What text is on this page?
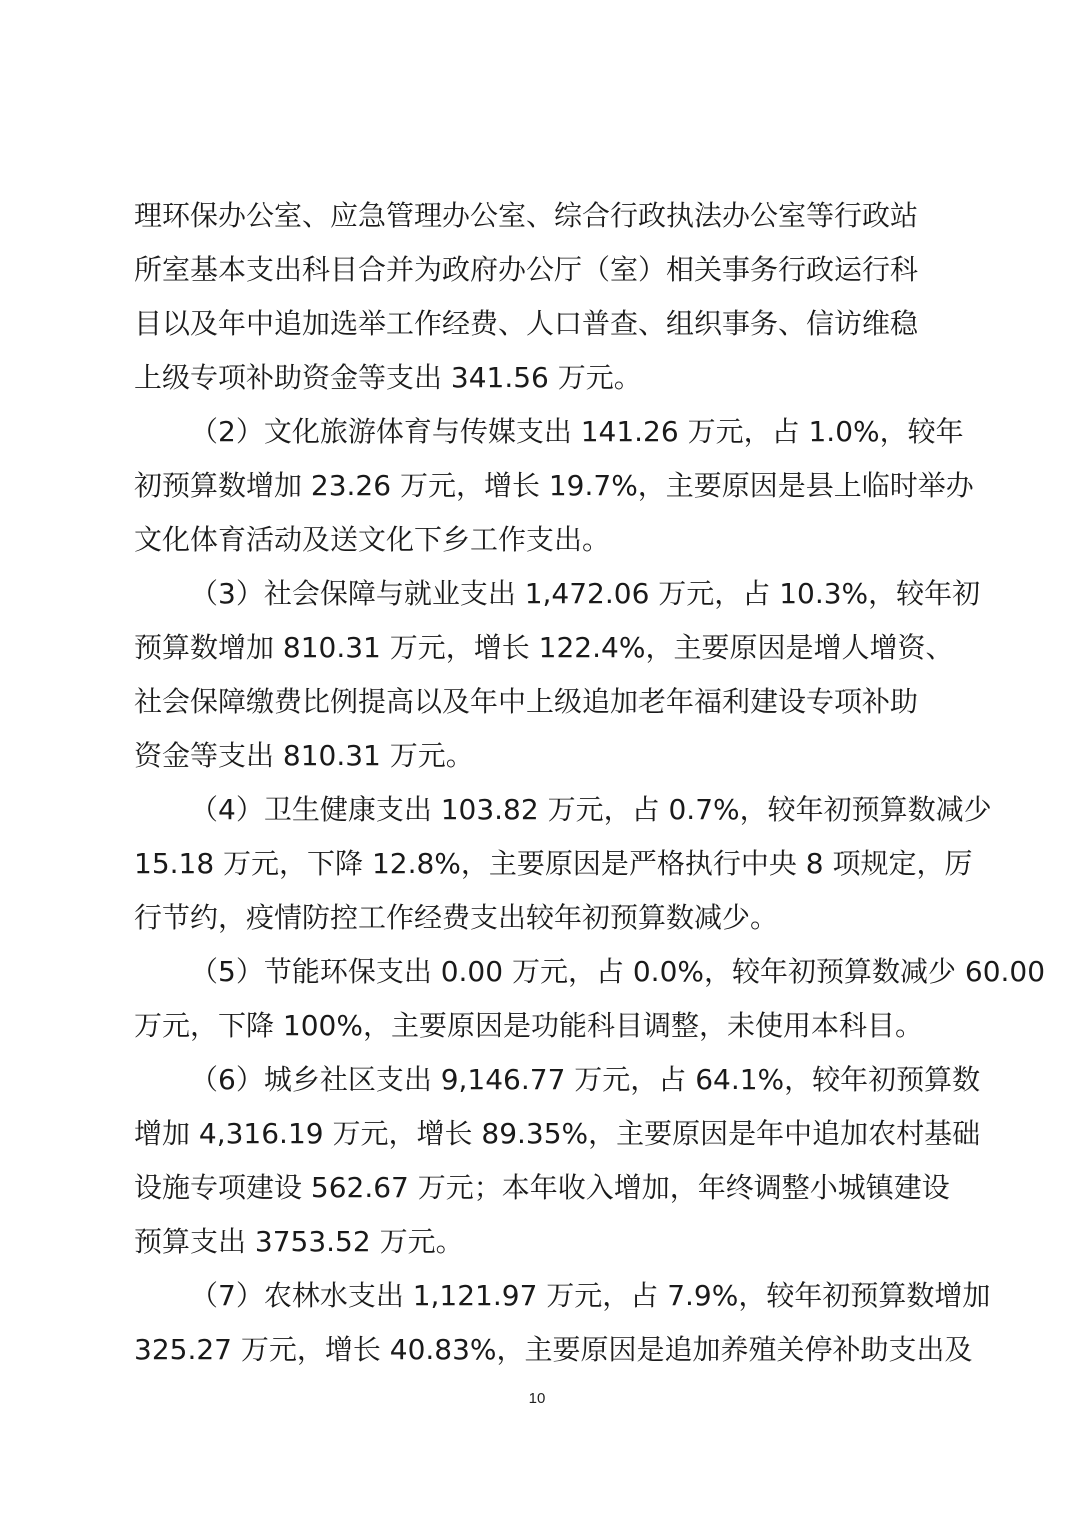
理环保办公室、应急管理办公室、综合行政执法办公室等行政站
所室基本支出科目合并为政府办公厅（室）相关事务行政运行科
目以及年中追加选举工作经费、人口普查、组织事务、信访维稳
上级专项补助资金等支出 341.56 万元。
（2）文化旅游体育与传媒支出 141.26 万元，占 1.0%，较年
初预算数增加 23.26 万元，增长 19.7%，主要原因是县上临时举办
文化体育活动及送文化下乡工作支出。
（3）社会保障与就业支出 1,472.06 万元，占 10.3%，较年初
预算数增加 810.31 万元，增长 122.4%，主要原因是增人增资、
社会保障缴费比例提高以及年中上级追加老年福利建设专项补助
资金等支出 810.31 万元。
（4）卫生健康支出 103.82 万元，占 0.7%，较年初预算数减少
15.18 万元，下降 12.8%，主要原因是严格执行中央 8 项规定，厉
行节约，疫情防控工作经费支出较年初预算数减少。
（5）节能环保支出 0.00 万元，占 0.0%，较年初预算数减少 60.00
万元，下降 100%，主要原因是功能科目调整，未使用本科目。
（6）城乡社区支出 9,146.77 万元，占 64.1%，较年初预算数
增加 4,316.19 万元，增长 89.35%，主要原因是年中追加农村基础
设施专项建设 562.67 万元；本年收入增加，年终调整小城镇建设
预算支出 3753.52 万元。
（7）农林水支出 1,121.97 万元，占 7.9%，较年初预算数增加
325.27 万元，增长 40.83%，主要原因是追加养殖关停补助支出及
10
